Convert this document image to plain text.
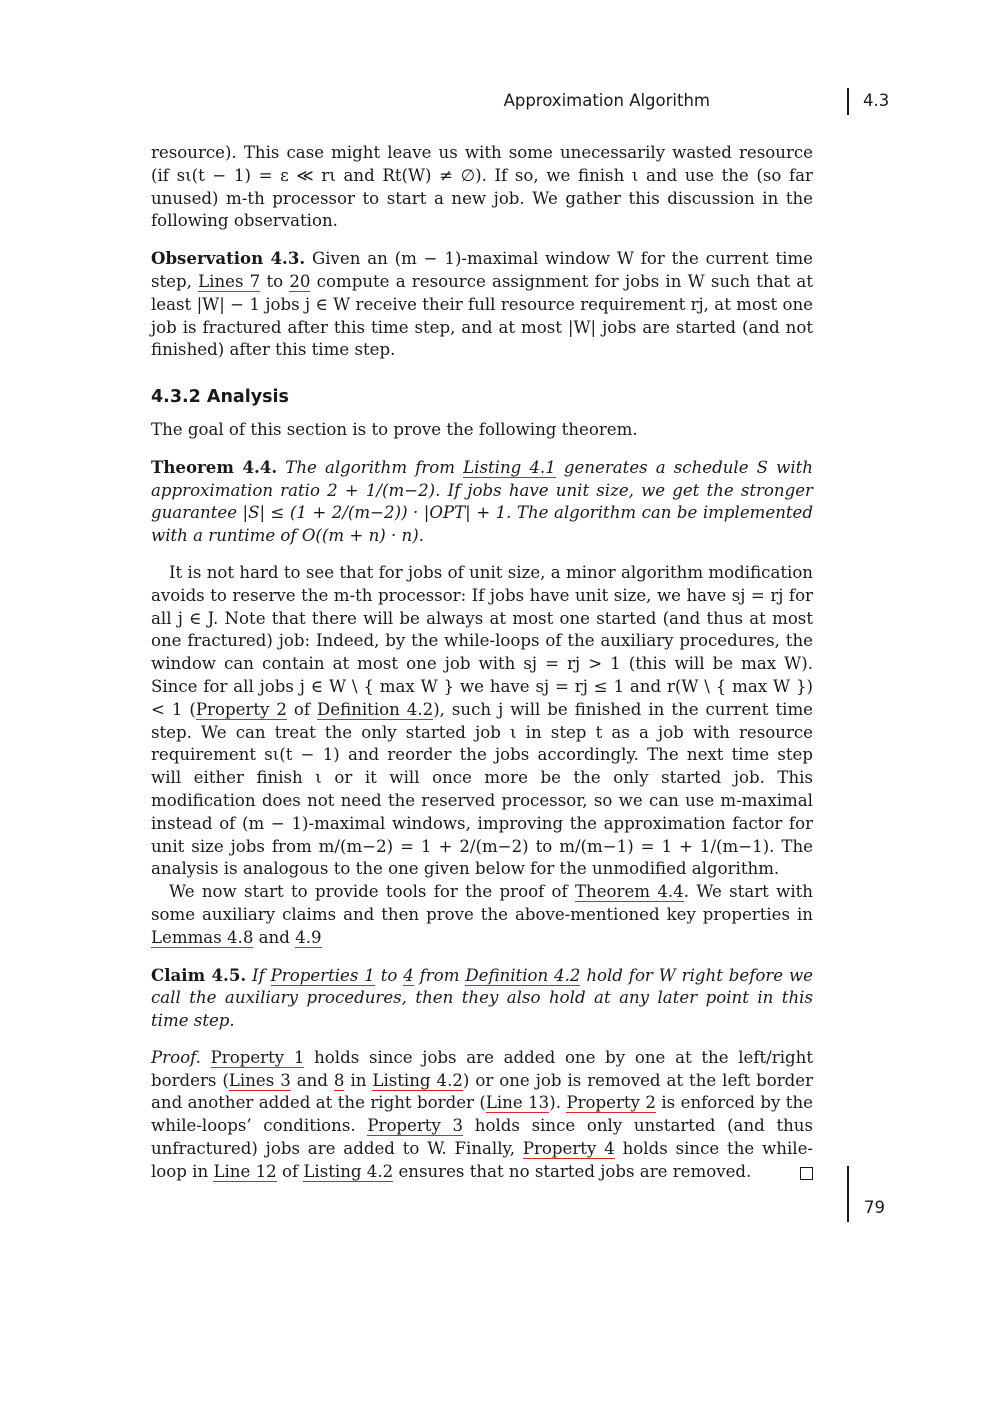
Approximation Algorithm	4.3

resource). This case might leave us with some unecessarily wasted resource (if sι(t − 1) = ε ≪ rι and Rt(W) ≠ ∅). If so, we finish ι and use the (so far unused) m-th processor to start a new job. We gather this discussion in the following observation.

Observation 4.3. Given an (m − 1)-maximal window W for the current time step, Lines 7 to 20 compute a resource assignment for jobs in W such that at least |W| − 1 jobs j ∈ W receive their full resource requirement rj, at most one job is fractured after this time step, and at most |W| jobs are started (and not finished) after this time step.

4.3.2 Analysis

The goal of this section is to prove the following theorem.

Theorem 4.4. The algorithm from Listing 4.1 generates a schedule S with approximation ratio 2 + 1/(m−2). If jobs have unit size, we get the stronger guarantee |S| ≤ (1 + 2/(m−2)) · |OPT| + 1. The algorithm can be implemented with a runtime of O((m + n) · n).

It is not hard to see that for jobs of unit size, a minor algorithm modification avoids to reserve the m-th processor: If jobs have unit size, we have sj = rj for all j ∈ J. Note that there will be always at most one started (and thus at most one fractured) job: Indeed, by the while-loops of the auxiliary procedures, the window can contain at most one job with sj = rj > 1 (this will be max W). Since for all jobs j ∈ W \ { max W } we have sj = rj ≤ 1 and r(W \ { max W }) < 1 (Property 2 of Definition 4.2), such j will be finished in the current time step. We can treat the only started job ι in step t as a job with resource requirement sι(t − 1) and reorder the jobs accordingly. The next time step will either finish ι or it will once more be the only started job. This modification does not need the reserved processor, so we can use m-maximal instead of (m − 1)-maximal windows, improving the approximation factor for unit size jobs from m/(m−2) = 1 + 2/(m−2) to m/(m−1) = 1 + 1/(m−1). The analysis is analogous to the one given below for the unmodified algorithm.

We now start to provide tools for the proof of Theorem 4.4. We start with some auxiliary claims and then prove the above-mentioned key properties in Lemmas 4.8 and 4.9

Claim 4.5. If Properties 1 to 4 from Definition 4.2 hold for W right before we call the auxiliary procedures, then they also hold at any later point in this time step.

Proof. Property 1 holds since jobs are added one by one at the left/right borders (Lines 3 and 8 in Listing 4.2) or one job is removed at the left border and another added at the right border (Line 13). Property 2 is enforced by the while-loops’ conditions. Property 3 holds since only unstarted (and thus unfractured) jobs are added to W. Finally, Property 4 holds since the while-loop in Line 12 of Listing 4.2 ensures that no started jobs are removed.

79
